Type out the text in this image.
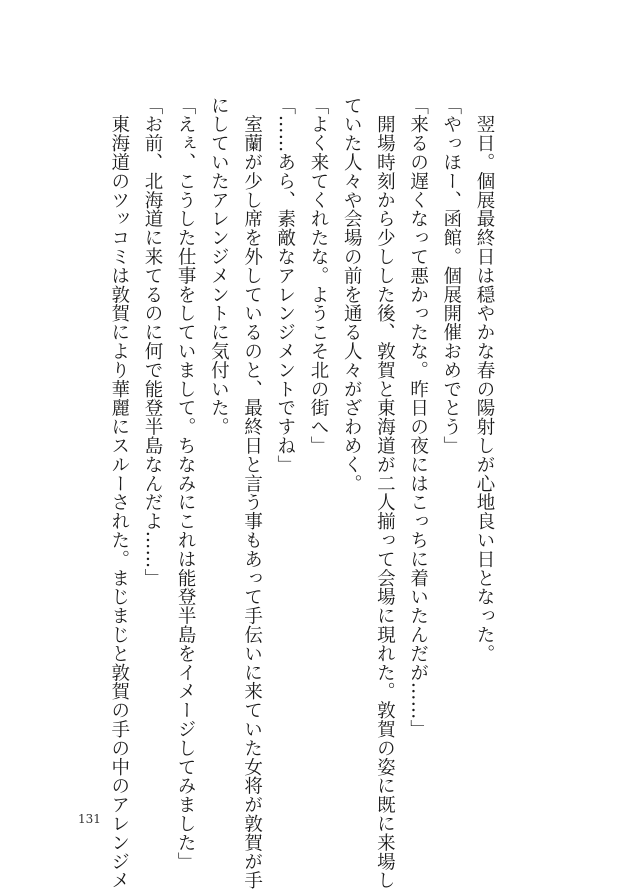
　翌日。個展最終日は穏やかな春の陽射しが心地良い日となった。
「やっほー、函館。個展開催おめでとう」
「来るの遅くなって悪かったな。昨日の夜にはこっちに着いたんだが……」
　開場時刻から少しした後、敦賀と東海道が二人揃って会場に現れた。敦賀の姿に既に来場し
ていた人々や会場の前を通る人々がざわめく。
「よく来てくれたな。ようこそ北の街へ」
「……あら、素敵なアレンジメントですね」
　室蘭が少し席を外しているのと、最終日と言う事もあって手伝いに来ていた女将が敦賀が手
にしていたアレンジメントに気付いた。
「えぇ、こうした仕事をしていまして。ちなみにこれは能登半島をイメージしてみました」
「お前、北海道に来てるのに何で能登半島なんだよ……」
　東海道のツッコミは敦賀により華麗にスルーされた。まじまじと敦賀の手の中のアレンジメ
131
